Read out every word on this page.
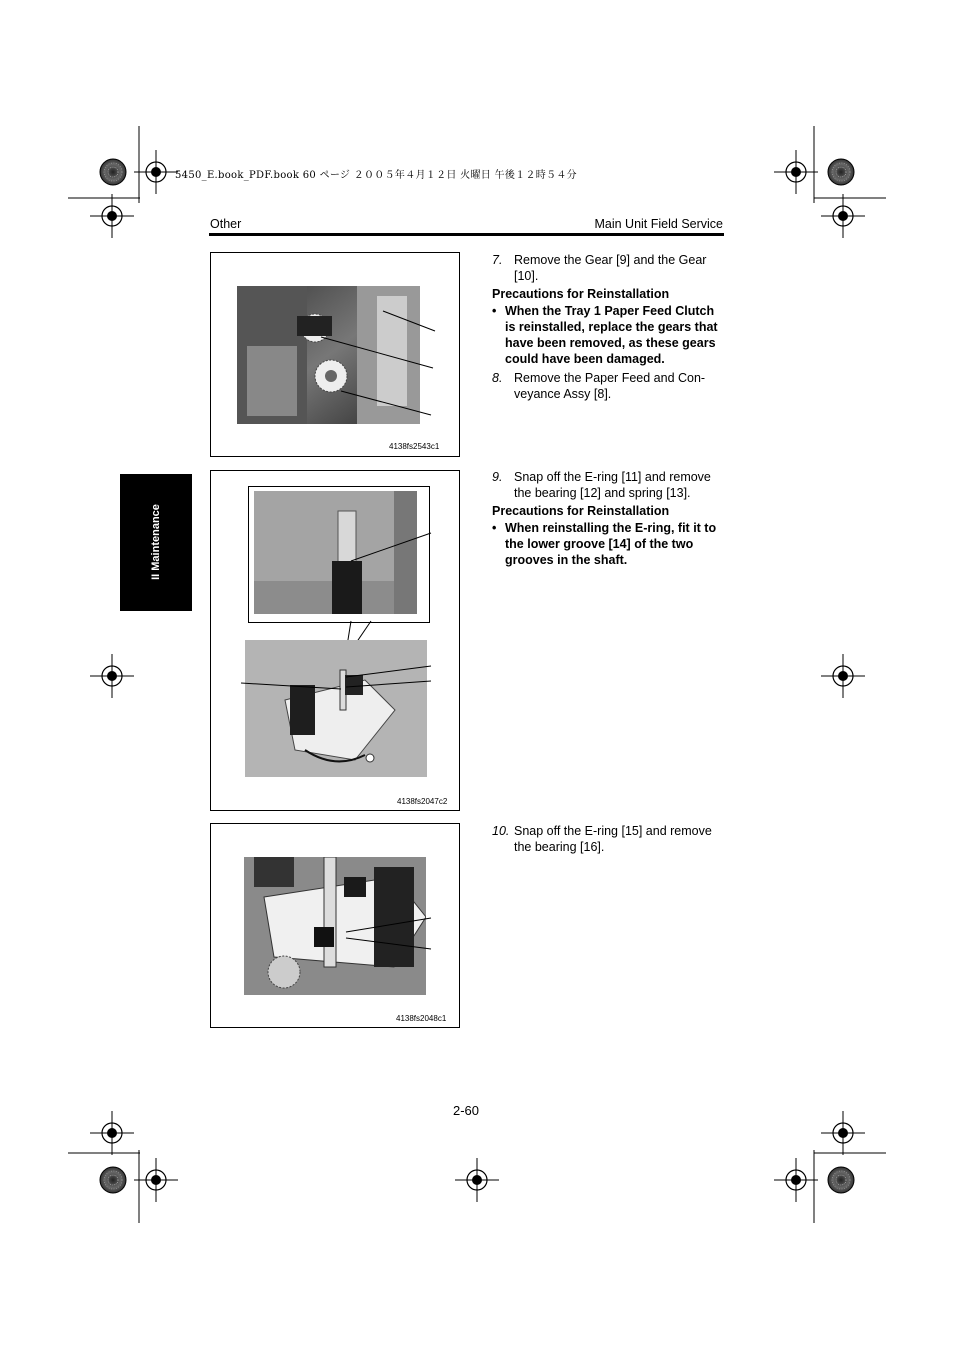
5450_E.book_PDF.book 60 ページ ２００５年４月１２日 火曜日 午後１２時５４分
Other	Main Unit Field Service
II Maintenance
4138fs2543c1
4138fs2047c2
4138fs2048c1
7. Remove the Gear [9] and the Gear [10].
Precautions for Reinstallation
• When the Tray 1 Paper Feed Clutch is reinstalled, replace the gears that have been removed, as these gears could have been damaged.
8. Remove the Paper Feed and Con-veyance Assy [8].
9. Snap off the E-ring [11] and remove the bearing [12] and spring [13].
Precautions for Reinstallation
• When reinstalling the E-ring, fit it to the lower groove [14] of the two grooves in the shaft.
10. Snap off the E-ring [15] and remove the bearing [16].
2-60
